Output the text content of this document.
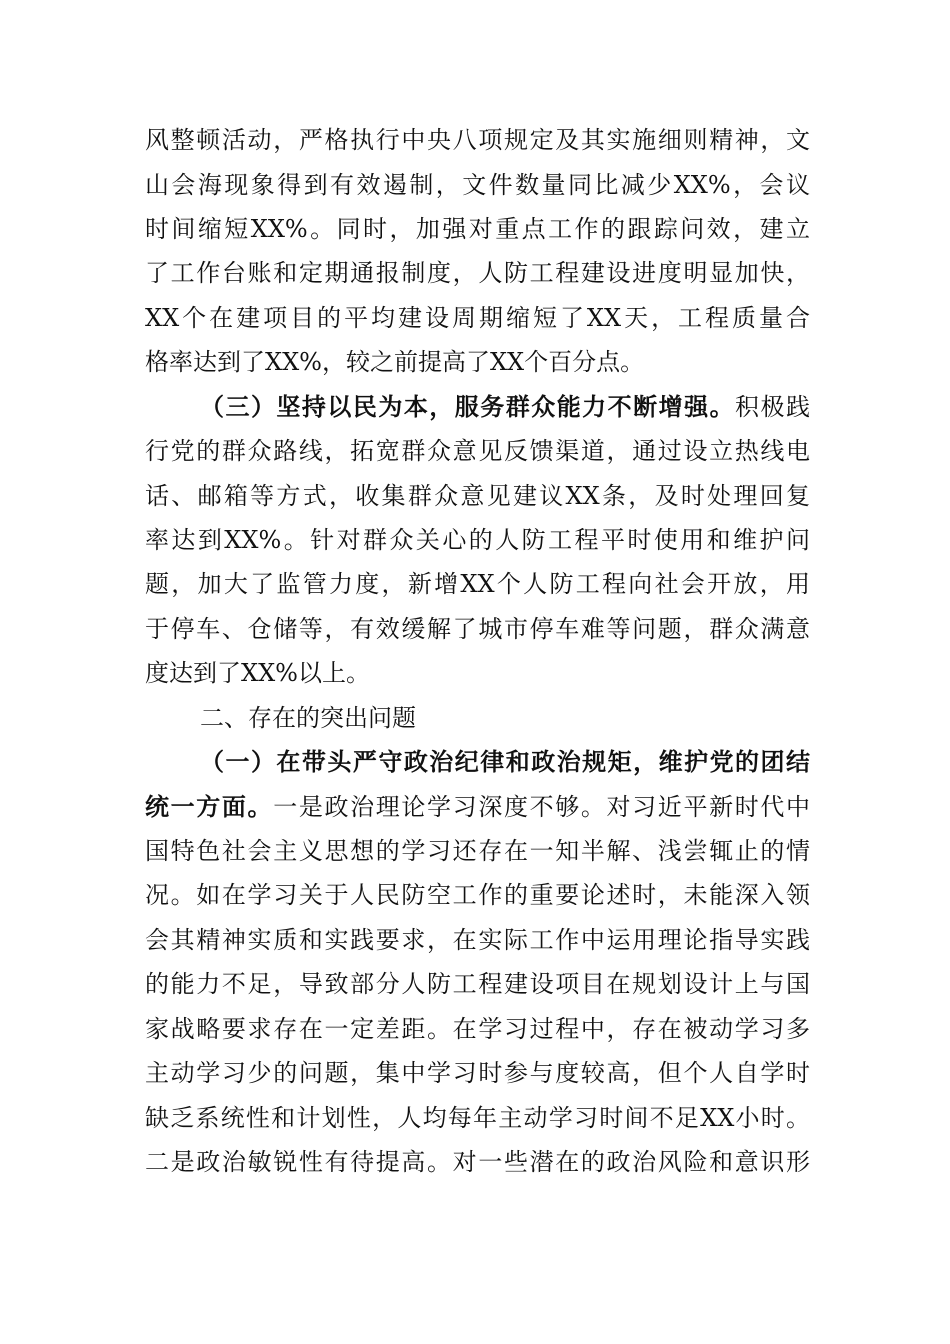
风整顿活动，严格执行中央八项规定及其实施细则精神，文
山会海现象得到有效遏制，文件数量同比减少XX%，会议
时间缩短XX%。同时，加强对重点工作的跟踪问效，建立
了工作台账和定期通报制度，人防工程建设进度明显加快，
XX个在建项目的平均建设周期缩短了XX天，工程质量合
格率达到了XX%，较之前提高了XX个百分点。
（三）坚持以民为本，服务群众能力不断增强。积极践
行党的群众路线，拓宽群众意见反馈渠道，通过设立热线电
话、邮箱等方式，收集群众意见建议XX条，及时处理回复
率达到XX%。针对群众关心的人防工程平时使用和维护问
题，加大了监管力度，新增XX个人防工程向社会开放，用
于停车、仓储等，有效缓解了城市停车难等问题，群众满意
度达到了XX%以上。
二、存在的突出问题
（一）在带头严守政治纪律和政治规矩，维护党的团结
统一方面。一是政治理论学习深度不够。对习近平新时代中
国特色社会主义思想的学习还存在一知半解、浅尝辄止的情
况。如在学习关于人民防空工作的重要论述时，未能深入领
会其精神实质和实践要求，在实际工作中运用理论指导实践
的能力不足，导致部分人防工程建设项目在规划设计上与国
家战略要求存在一定差距。在学习过程中，存在被动学习多
主动学习少的问题，集中学习时参与度较高，但个人自学时
缺乏系统性和计划性，人均每年主动学习时间不足XX小时。
二是政治敏锐性有待提高。对一些潜在的政治风险和意识形
